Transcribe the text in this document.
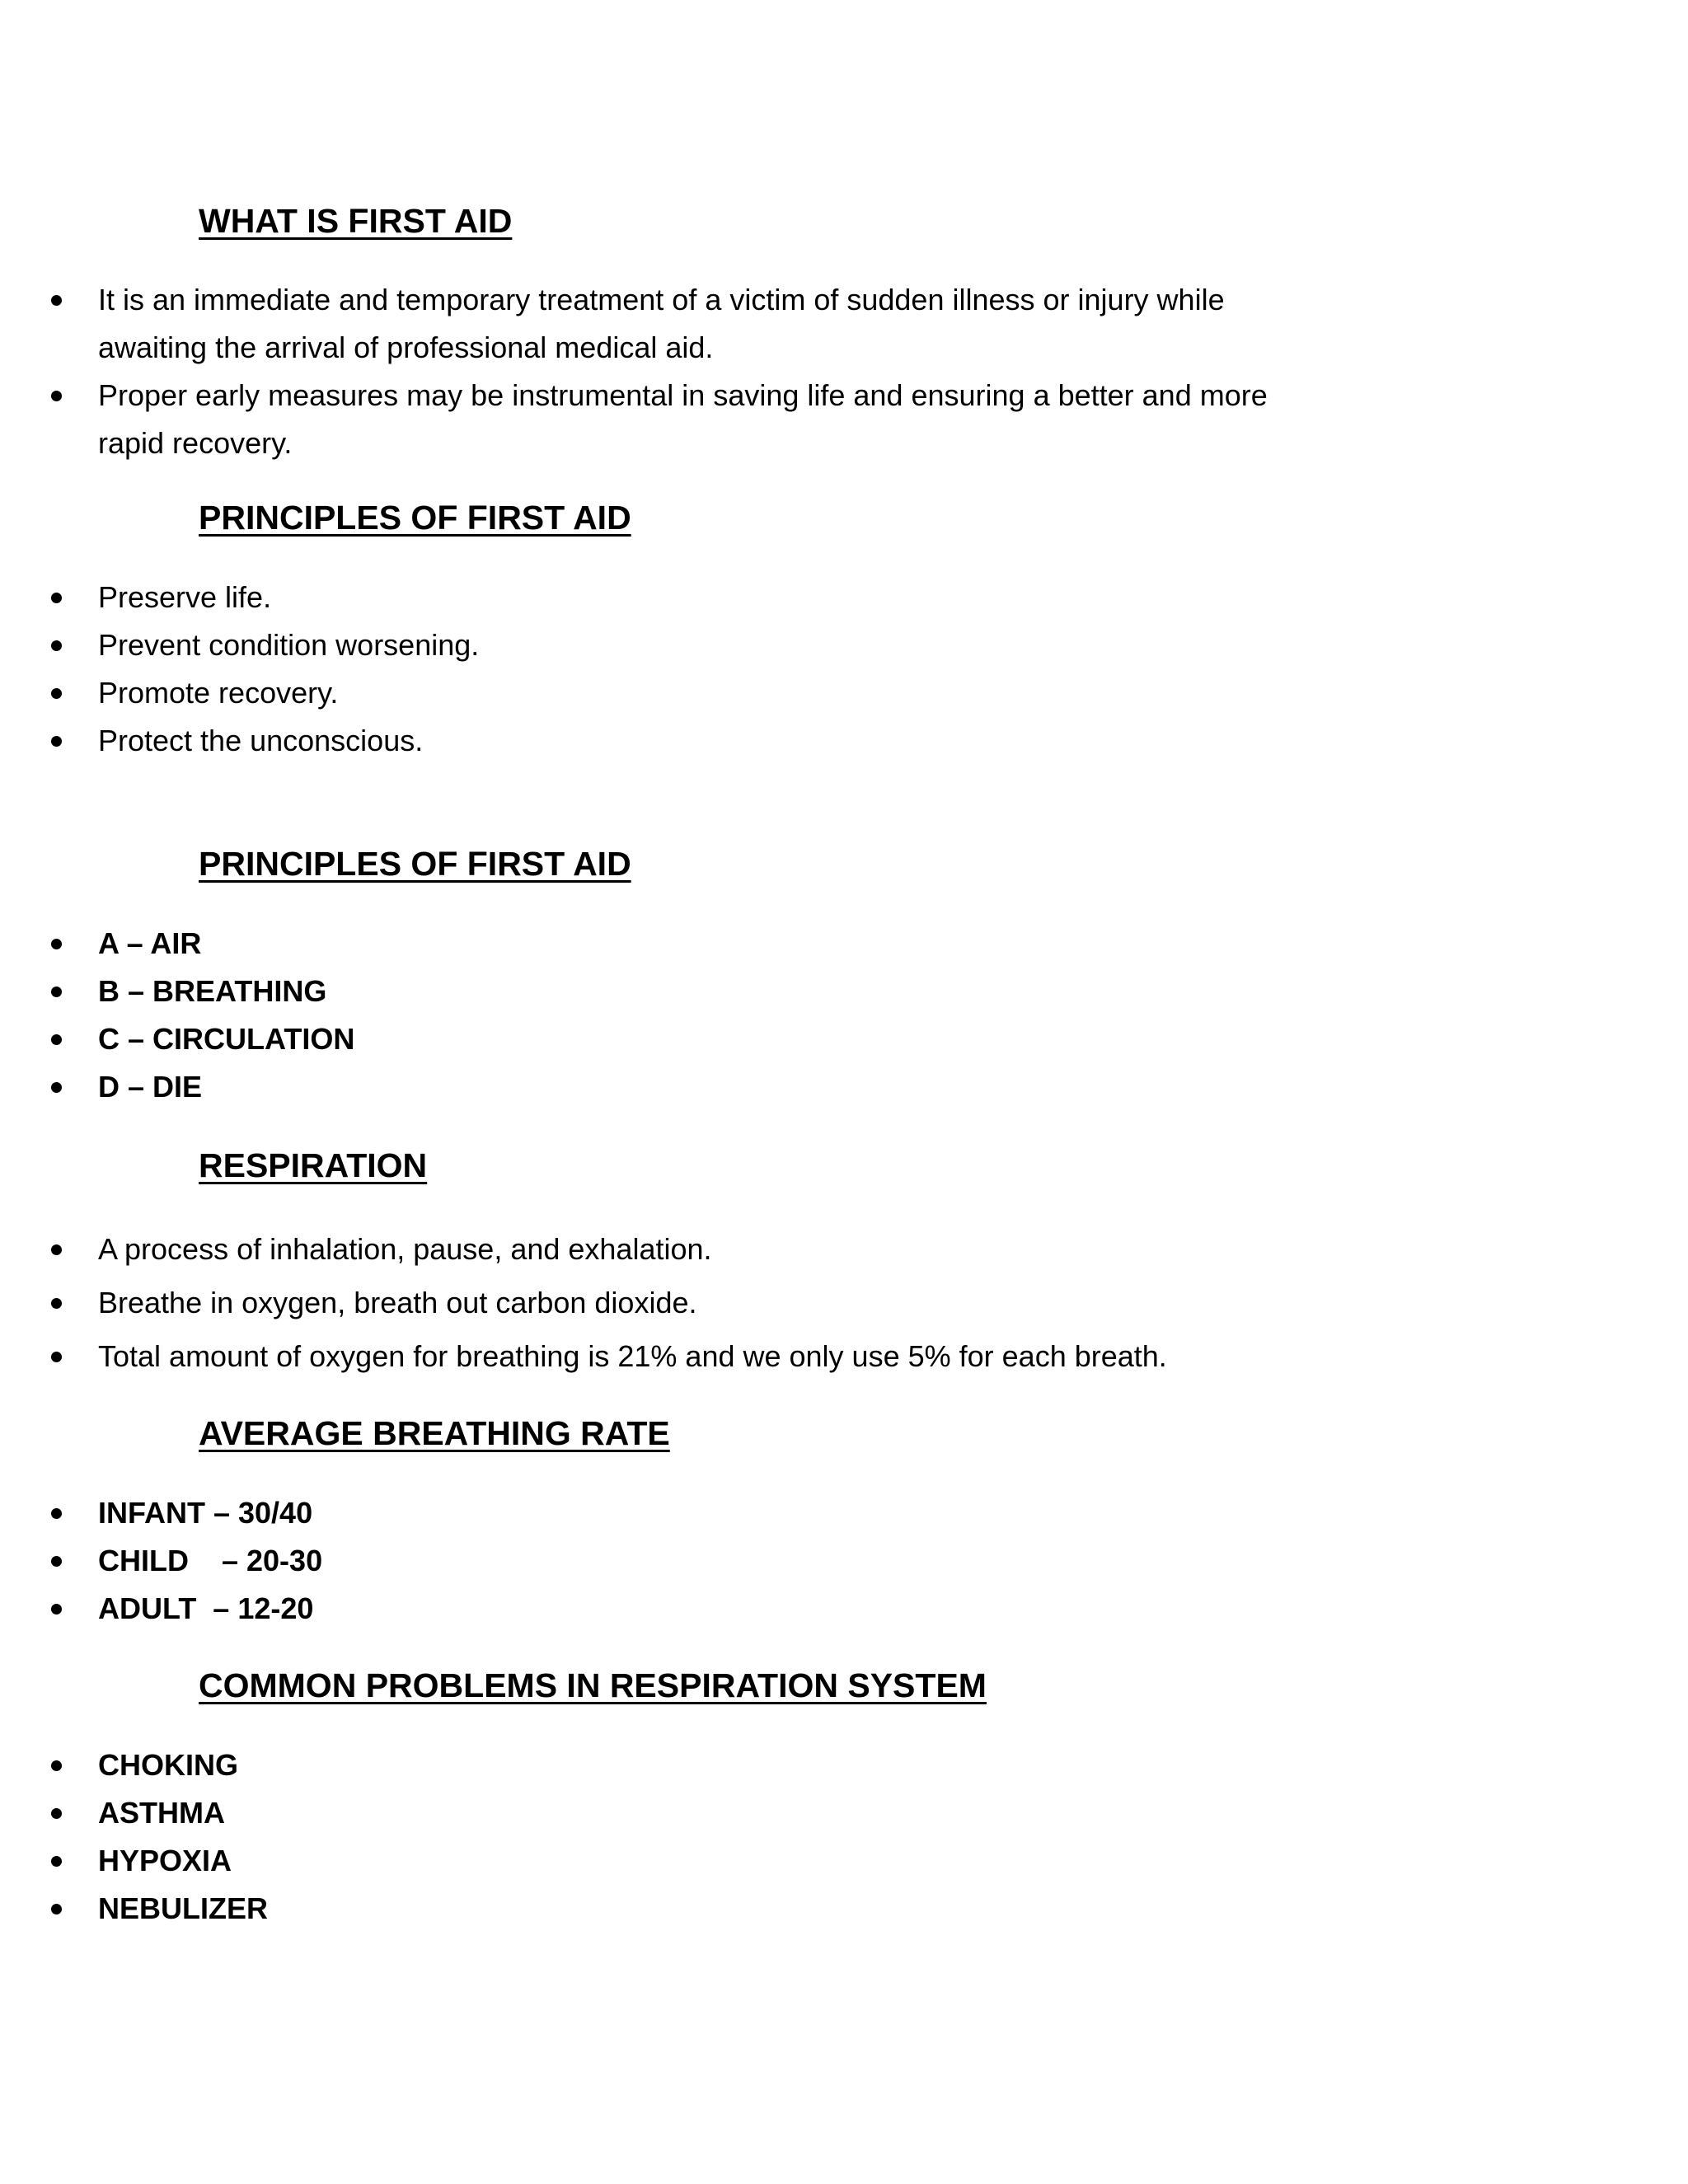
WHAT IS FIRST AID
It is an immediate and temporary treatment of a victim of sudden illness or injury while awaiting the arrival of professional medical aid.
Proper early measures may be instrumental in saving life and ensuring a better and more rapid recovery.
PRINCIPLES OF FIRST AID
Preserve life.
Prevent condition worsening.
Promote recovery.
Protect the unconscious.
PRINCIPLES OF FIRST AID
A – AIR
B – BREATHING
C – CIRCULATION
D – DIE
RESPIRATION
A process of inhalation, pause, and exhalation.
Breathe in oxygen, breath out carbon dioxide.
Total amount of oxygen for breathing is 21% and we only use 5% for each breath.
AVERAGE BREATHING RATE
INFANT – 30/40
CHILD    – 20-30
ADULT  – 12-20
COMMON PROBLEMS IN RESPIRATION SYSTEM
CHOKING
ASTHMA
HYPOXIA
NEBULIZER
